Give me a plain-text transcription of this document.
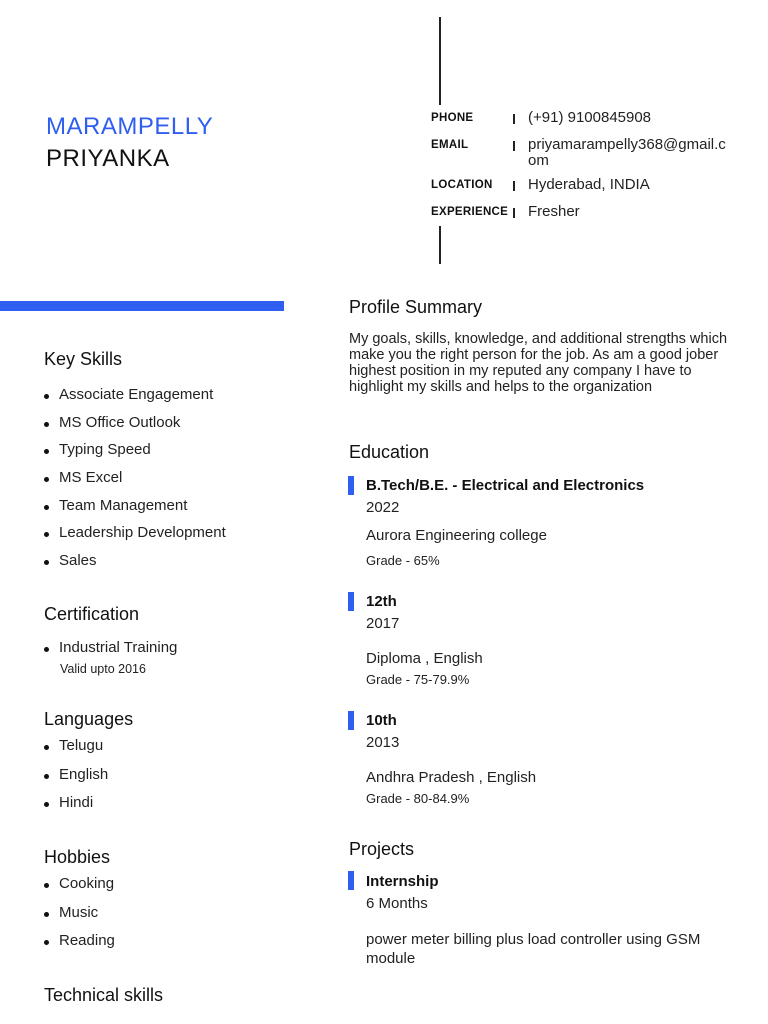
MARAMPELLY
PRIYANKA
PHONE	(+91) 9100845908
EMAIL	priyamarampelly368@gmail.com
LOCATION Hyderabad, INDIA
EXPERIENCE Fresher
Key Skills
Associate Engagement
MS Office Outlook
Typing Speed
MS Excel
Team Management
Leadership Development
Sales
Certification
Industrial Training
Valid upto 2016
Languages
Telugu
English
Hindi
Hobbies
Cooking
Music
Reading
Technical skills
Profile Summary
My goals, skills, knowledge, and additional strengths which make you the right person for the job. As am a good jober highest position in my reputed any company I have to highlight my skills and helps to the organization
Education
B.Tech/B.E. - Electrical and Electronics
2022
Aurora Engineering college
Grade - 65%
12th
2017
Diploma , English
Grade - 75-79.9%
10th
2013
Andhra Pradesh , English
Grade - 80-84.9%
Projects
Internship
6 Months
power meter billing plus load controller using GSM module
